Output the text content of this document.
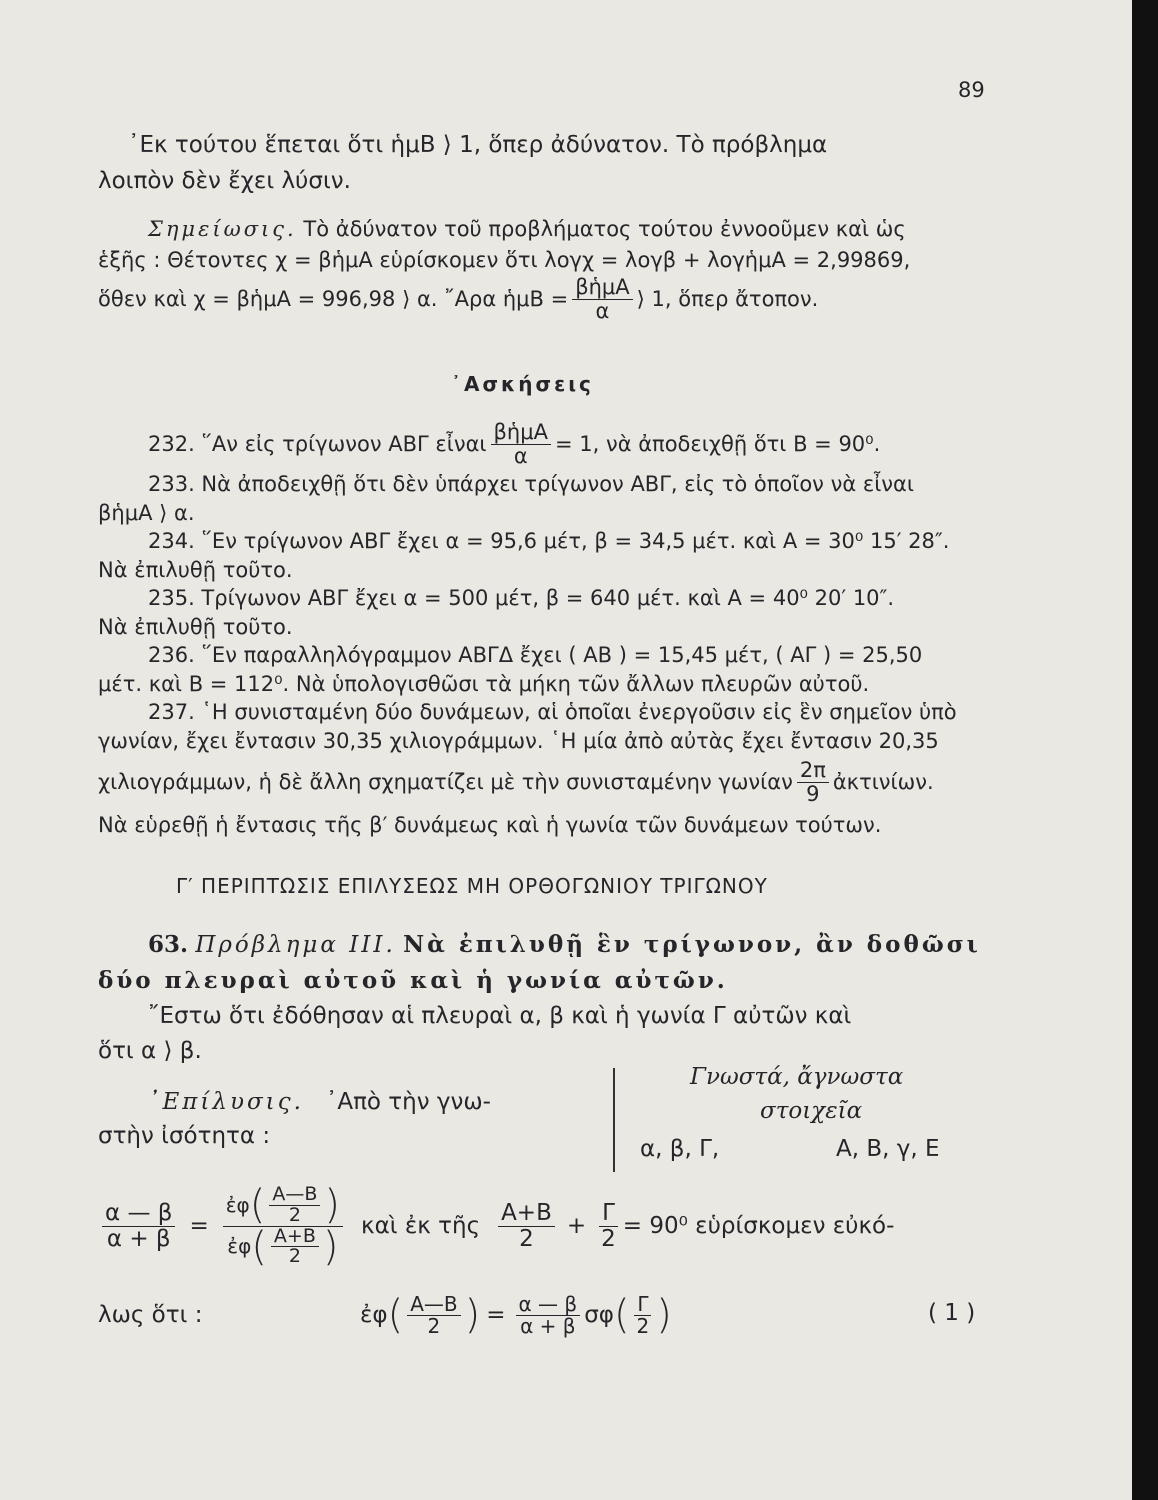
89
᾿Εκ τούτου ἕπεται ὅτι ἡμΒ ⟩ 1, ὅπερ ἀδύνατον. Τὸ πρόβλημα
λοιπὸν δὲν ἔχει λύσιν.
Σημείωσις. Τὸ ἀδύνατον τοῦ προβλήματος τούτου ἐννοοῦμεν καὶ ὡς
ἑξῆς : Θέτοντες χ = βἡμΑ εὑρίσκομεν ὅτι λογχ = λογβ + λογἡμΑ = 2,99869,
ὅθεν καὶ χ = βἡμΑ = 996,98 ⟩ α. ῎Αρα ἡμΒ = $\frac{\text{βἡμΑ}}{\alpha}$ ⟩ 1, ὅπερ ἄτοπον.
᾿Ασκήσεις
232. ῞Αν εἰς τρίγωνον ΑΒΓ εἶναι $\frac{\text{βἡμΑ}}{\alpha} = 1$, νὰ ἀποδειχθῇ ὅτι Β = 90⁰.
233. Νὰ ἀποδειχθῇ ὅτι δὲν ὑπάρχει τρίγωνον ΑΒΓ, εἰς τὸ ὁποῖον νὰ εἶναι
βἡμΑ ⟩ α.
234. ῞Εν τρίγωνον ΑΒΓ ἔχει α = 95,6 μέτ, β = 34,5 μέτ. καὶ Α = 30⁰ 15′ 28″.
Νὰ ἐπιλυθῇ τοῦτο.
235. Τρίγωνον ΑΒΓ ἔχει α = 500 μέτ, β = 640 μέτ. καὶ Α = 40⁰ 20′ 10″.
Νὰ ἐπιλυθῇ τοῦτο.
236. ῞Εν παραλληλόγραμμον ΑΒΓΔ ἔχει ( ΑΒ ) = 15,45 μέτ, ( ΑΓ ) = 25,50
μέτ. καὶ Β = 112⁰. Νὰ ὑπολογισθῶσι τὰ μήκη τῶν ἄλλων πλευρῶν αὐτοῦ.
237. ῾Η συνισταμένη δύο δυνάμεων, αἱ ὁποῖαι ἐνεργοῦσιν εἰς ἓν σημεῖον ὑπὸ
γωνίαν, ἔχει ἔντασιν 30,35 χιλιογράμμων. ῾Η μία ἀπὸ αὐτὰς ἔχει ἔντασιν 20,35
χιλιογράμμων, ἡ δὲ ἄλλη σχηματίζει μὲ τὴν συνισταμένην γωνίαν $\frac{2\pi}{9}$ ἀκτινίων.
Νὰ εὑρεθῇ ἡ ἔντασις τῆς β′ δυνάμεως καὶ ἡ γωνία τῶν δυνάμεων τούτων.
Γ′ ΠΕΡΙΠΤΩΣΙΣ ΕΠΙΛΥΣΕΩΣ ΜΗ ΟΡΘΟΓΩΝΙΟΥ ΤΡΙΓΩΝΟΥ
63. Πρόβλημα III. Νὰ ἐπιλυθῇ ἓν τρίγωνον, ἂν δοθῶσι
δύο πλευραὶ αὐτοῦ καὶ ἡ γωνία αὐτῶν.
῎Εστω ὅτι ἐδόθησαν αἱ πλευραὶ α, β καὶ ἡ γωνία Γ αὐτῶν καὶ
ὅτι α ⟩ β.
᾿Επίλυσις. ᾿Απὸ τὴν γνω-
στὴν ἰσότητα :
Γνωστά, ἄγνωστα
στοιχεῖα
α, β, Γ,	Α, Β, γ, Ε
$\frac{\alpha — \beta}{\alpha + \beta}$ =
ἐφ ( $\frac{A—B}{2}$ )
ἐφ ( $\frac{A+B}{2}$ ) καὶ ἐκ τῆς $\frac{A+B}{2} + \frac{\Gamma}{2} = 90^0$ εὑρίσκομεν εὐκό-
λως ὅτι :	ἐφ ( $\frac{A—B}{2}$ ) = $\frac{\alpha — \beta}{\alpha + \beta}$ σφ ( $\frac{\Gamma}{2}$ )	( 1 )
